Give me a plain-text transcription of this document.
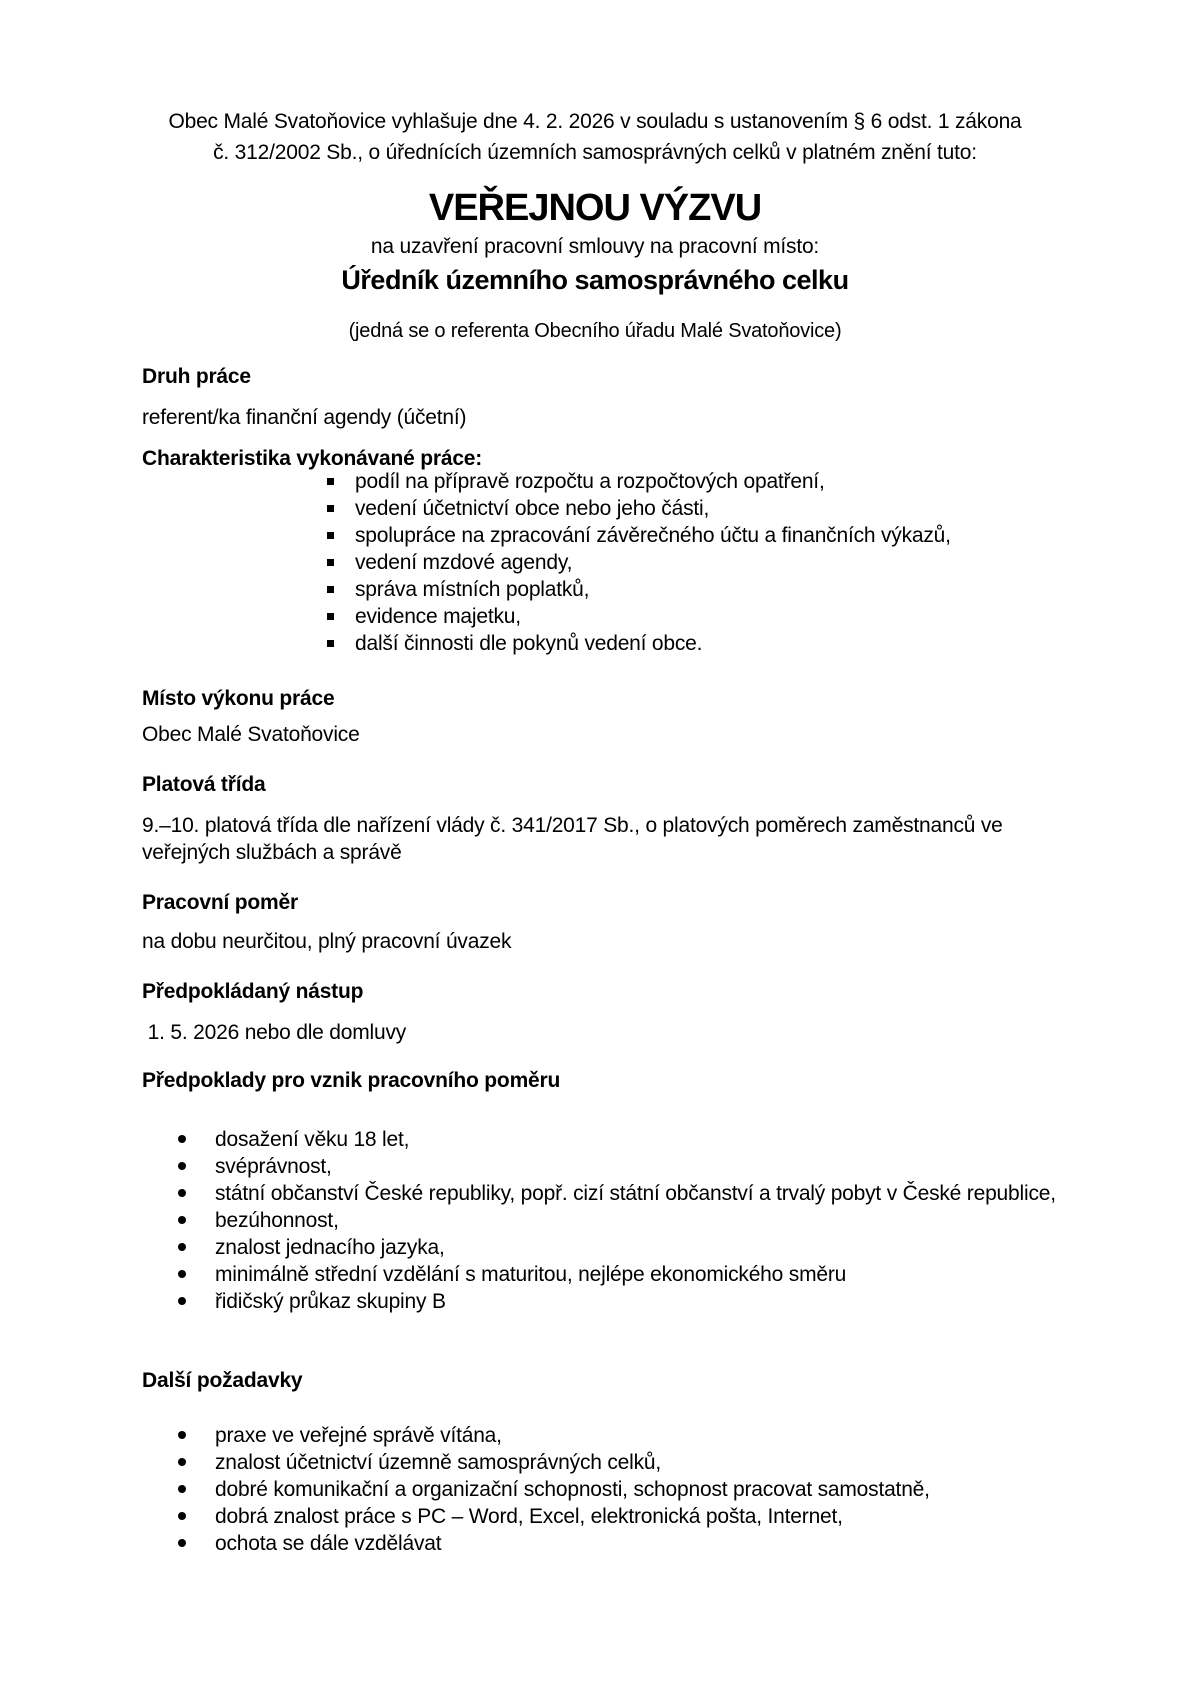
Obec Malé Svatoňovice vyhlašuje dne 4. 2. 2026 v souladu s ustanovením § 6 odst. 1 zákona
č. 312/2002 Sb., o úřednících územních samosprávných celků v platném znění tuto:
VEŘEJNOU VÝZVU
na uzavření pracovní smlouvy na pracovní místo:
Úředník územního samosprávného celku
(jedná se o referenta Obecního úřadu Malé Svatoňovice)
Druh práce
referent/ka finanční agendy (účetní)
Charakteristika vykonávané práce:
podíl na přípravě rozpočtu a rozpočtových opatření,
vedení účetnictví obce nebo jeho části,
spolupráce na zpracování závěrečného účtu a finančních výkazů,
vedení mzdové agendy,
správa místních poplatků,
evidence majetku,
další činnosti dle pokynů vedení obce.
Místo výkonu práce
Obec Malé Svatoňovice
Platová třída
9.–10. platová třída dle nařízení vlády č. 341/2017 Sb., o platových poměrech zaměstnanců ve
veřejných službách a správě
Pracovní poměr
na dobu neurčitou, plný pracovní úvazek
Předpokládaný nástup
1. 5. 2026 nebo dle domluvy
Předpoklady pro vznik pracovního poměru
dosažení věku 18 let,
svéprávnost,
státní občanství České republiky, popř. cizí státní občanství a trvalý pobyt v České republice,
bezúhonnost,
znalost jednacího jazyka,
minimálně střední vzdělání s maturitou, nejlépe ekonomického směru
řidičský průkaz skupiny B
Další požadavky
praxe ve veřejné správě vítána,
znalost účetnictví územně samosprávných celků,
dobré komunikační a organizační schopnosti, schopnost pracovat samostatně,
dobrá znalost práce s PC – Word, Excel, elektronická pošta, Internet,
ochota se dále vzdělávat
